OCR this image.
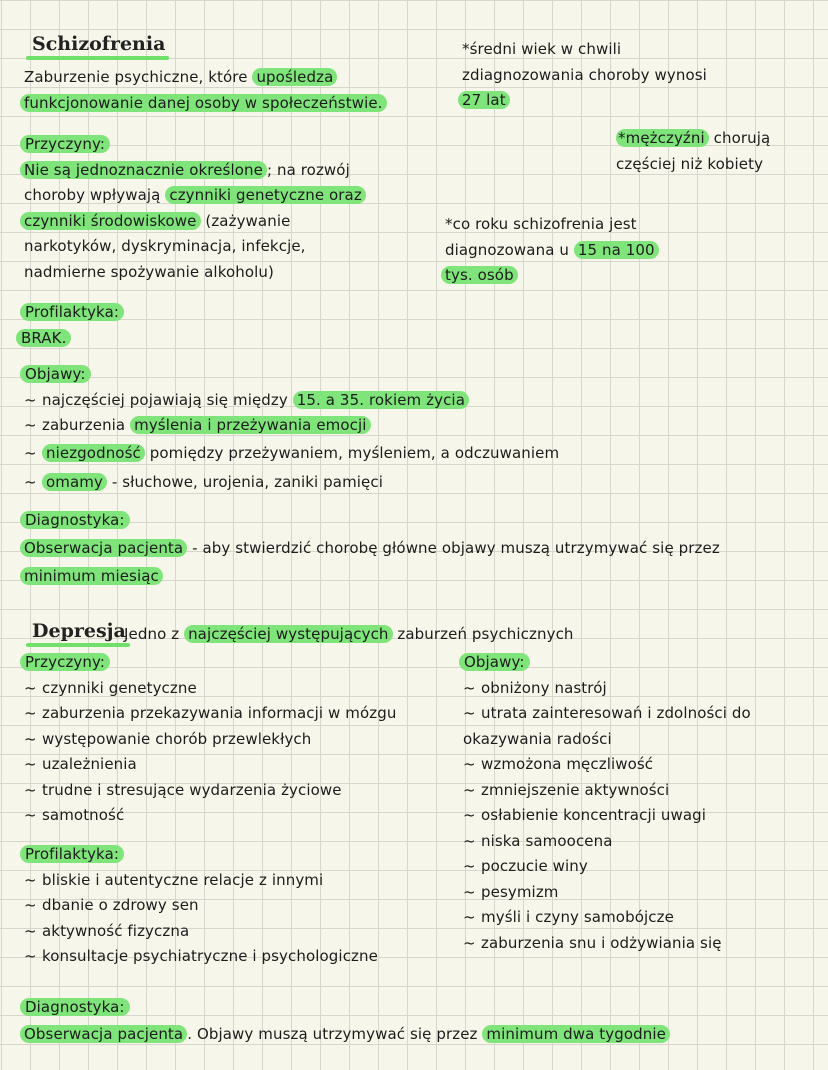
Schizofrenia
Zaburzenie psychiczne, które upośledza
funkcjonowanie danej osoby w społeczeństwie.
*średni wiek w chwili
zdiagnozowania choroby wynosi
27 lat
Przyczyny:
Nie są jednoznacznie określone ; na rozwój
choroby wpływają czynniki genetyczne oraz
czynniki środowiskowe (zażywanie
narkotyków, dyskryminacja, infekcje,
nadmierne spożywanie alkoholu)
*mężczyźni chorują
częściej niż kobiety
*co roku schizofrenia jest
diagnozowana u 15 na 100
tys. osób
Profilaktyka:
BRAK.
Objawy:
~ najczęściej pojawiają się między 15. a 35. rokiem życia
~ zaburzenia myślenia i przeżywania emocji
~ niezgodność pomiędzy przeżywaniem, myśleniem, a odczuwaniem
~ omamy - słuchowe, urojenia, zaniki pamięci
Diagnostyka:
Obserwacja pacjenta - aby stwierdzić chorobę główne objawy muszą utrzymywać się przez
minimum miesiąc
Depresja
Jedno z najczęściej występujących zaburzeń psychicznych
Przyczyny:
~ czynniki genetyczne
~ zaburzenia przekazywania informacji w mózgu
~ występowanie chorób przewlekłych
~ uzależnienia
~ trudne i stresujące wydarzenia życiowe
~ samotność
Profilaktyka:
~ bliskie i autentyczne relacje z innymi
~ dbanie o zdrowy sen
~ aktywność fizyczna
~ konsultacje psychiatryczne i psychologiczne
Objawy:
~ obniżony nastrój
~ utrata zainteresowań i zdolności do
okazywania radości
~ wzmożona męczliwość
~ zmniejszenie aktywności
~ osłabienie koncentracji uwagi
~ niska samoocena
~ poczucie winy
~ pesymizm
~ myśli i czyny samobójcze
~ zaburzenia snu i odżywiania się
Diagnostyka:
Obserwacja pacjenta . Objawy muszą utrzymywać się przez minimum dwa tygodnie
